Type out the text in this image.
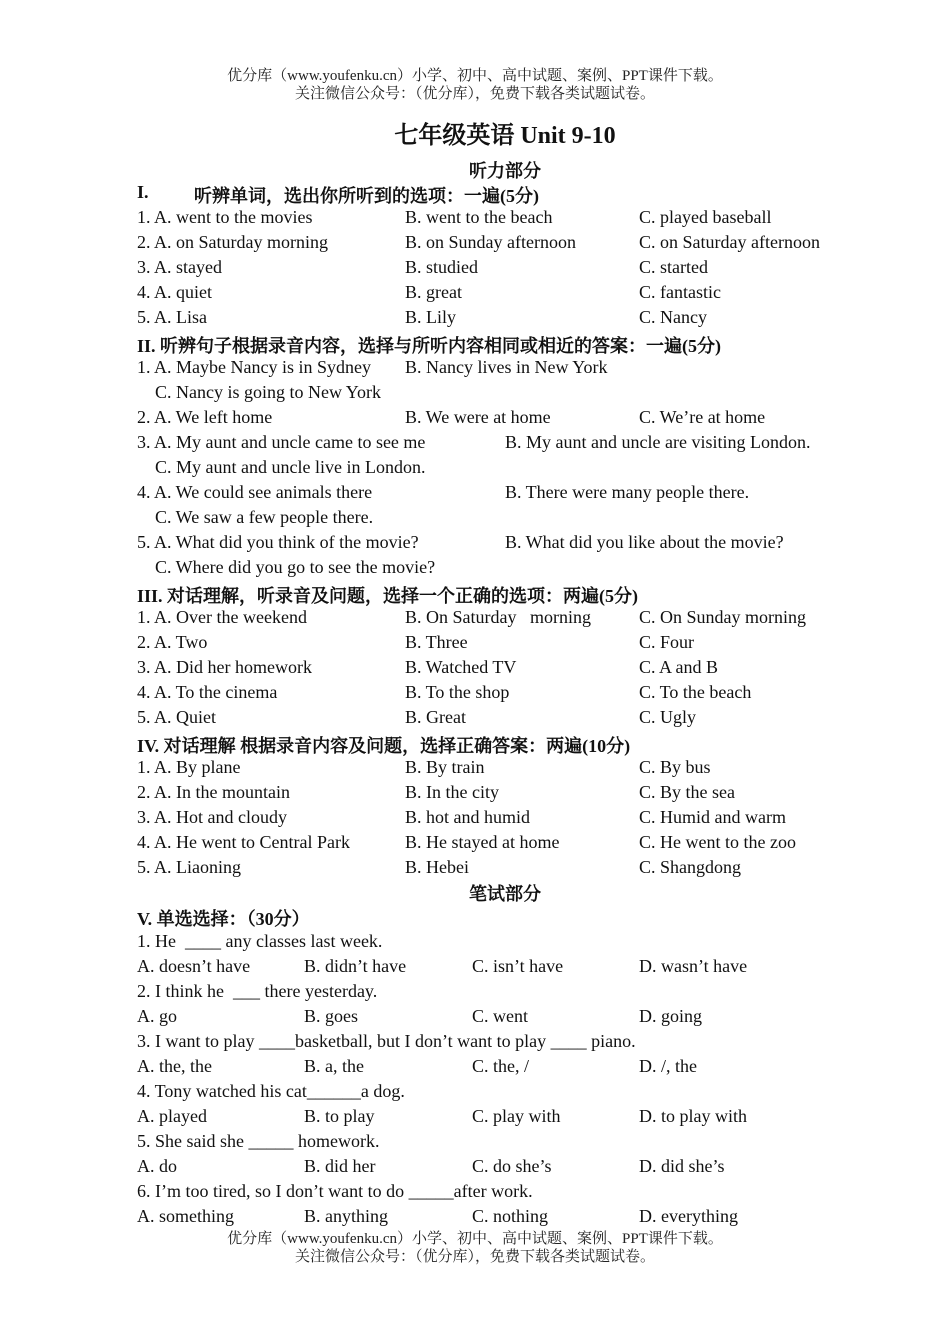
优分库（www.youfenku.cn）小学、初中、高中试题、案例、PPT课件下载。
关注微信公众号：（优分库），免费下载各类试题试卷。
七年级英语 Unit 9-10
听力部分
I.	听辨单词，选出你所听到的选项：一遍(5分)
1. A. went to the movies	B. went to the beach	C. played baseball
2. A. on Saturday morning	B. on Sunday afternoon	C. on Saturday afternoon
3. A. stayed	B. studied	C. started
4. A. quiet	B. great	C. fantastic
5. A. Lisa	B. Lily	C. Nancy
II. 听辨句子根据录音内容，选择与所听内容相同或相近的答案：一遍(5分)
1. A. Maybe Nancy is in Sydney B. Nancy lives in New York
C. Nancy is going to New York
2. A. We left home	B. We were at home	C. We’re at home
3. A. My aunt and uncle came to see me	B. My aunt and uncle are visiting London.
C. My aunt and uncle live in London.
4. A. We could see animals there	B. There were many people there.
C. We saw a few people there.
5. A. What did you think of the movie?	B. What did you like about the movie?
C. Where did you go to see the movie?
III. 对话理解，听录音及问题，选择一个正确的选项：两遍(5分)
1. A. Over the weekend	B. On Saturday   morning	C. On Sunday morning
2. A. Two	B. Three	C. Four
3. A. Did her homework	B. Watched TV	C. A and B
4. A. To the cinema	B. To the shop	C. To the beach
5. A. Quiet	B. Great	C. Ugly
IV. 对话理解 根据录音内容及问题，选择正确答案：两遍(10分)
1. A. By plane	B. By train	C. By bus
2. A. In the mountain	B. In the city	C. By the sea
3. A. Hot and cloudy	B. hot and humid	C. Humid and warm
4. A. He went to Central Park	B. He stayed at home	C. He went to the zoo
5. A. Liaoning	B. Hebei	C. Shangdong
笔试部分
V. 单选选择：（30分）
1. He  ____ any classes last week.
A. doesn’t have	B. didn’t have	C. isn’t have	D. wasn’t have
2. I think he  ___ there yesterday.
A. go	B. goes	C. went	D. going
3. I want to play ____basketball, but I don’t want to play ____ piano.
A. the, the	B. a, the	C. the, /	D. /, the
4. Tony watched his cat______a dog.
A. played	B. to play	C. play with	D. to play with
5. She said she _____ homework.
A. do	B. did her	C. do she’s	D. did she’s
6. I’m too tired, so I don’t want to do _____after work.
A. something	B. anything	C. nothing	D. everything
优分库（www.youfenku.cn）小学、初中、高中试题、案例、PPT课件下载。
关注微信公众号：（优分库），免费下载各类试题试卷。
